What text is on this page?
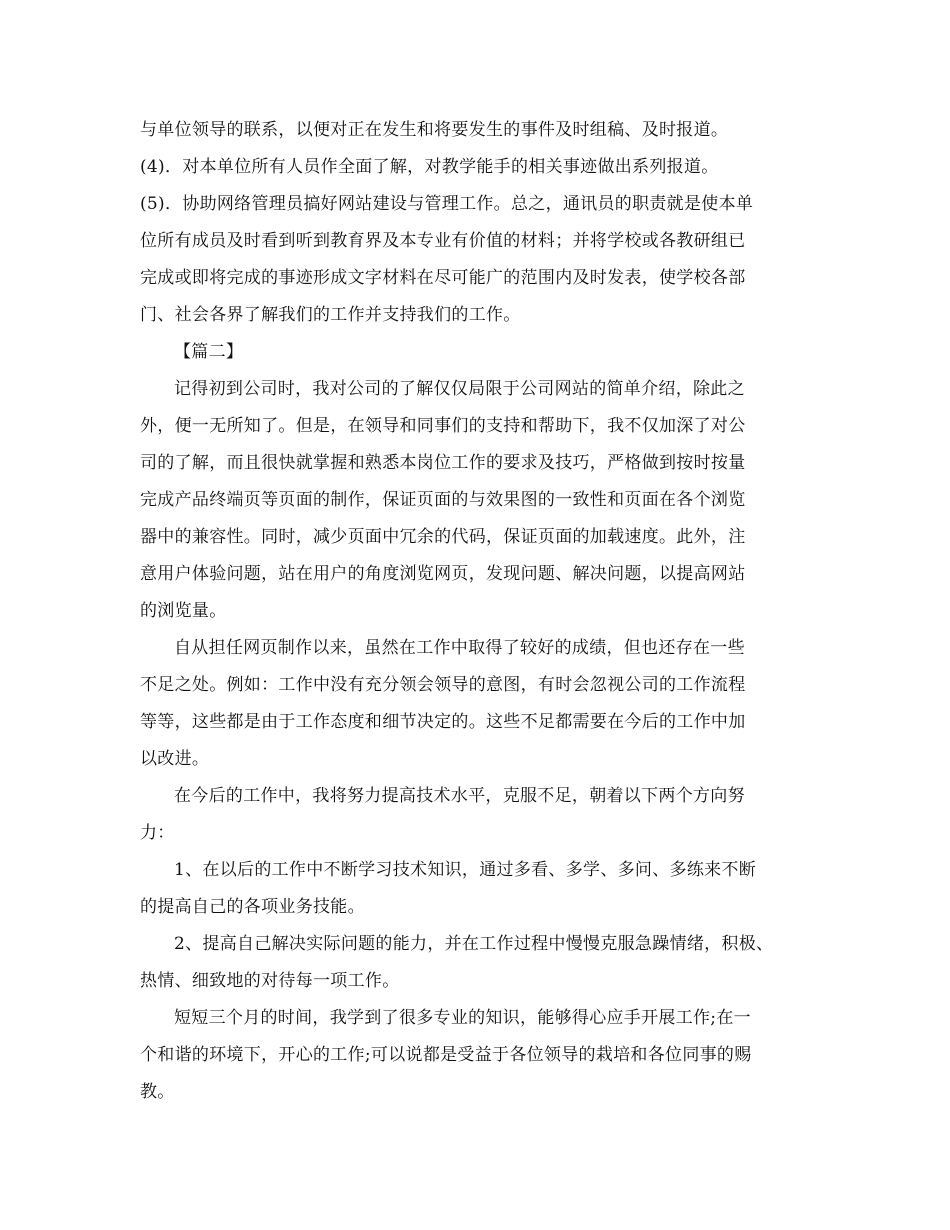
与单位领导的联系，以便对正在发生和将要发生的事件及时组稿、及时报道。

(4)．对本单位所有人员作全面了解，对教学能手的相关事迹做出系列报道。

(5)．协助网络管理员搞好网站建设与管理工作。总之，通讯员的职责就是使本单

位所有成员及时看到听到教育界及本专业有价值的材料；并将学校或各教研组已

完成或即将完成的事迹形成文字材料在尽可能广的范围内及时发表，使学校各部

门、社会各界了解我们的工作并支持我们的工作。

【篇二】

记得初到公司时，我对公司的了解仅仅局限于公司网站的简单介绍，除此之

外，便一无所知了。但是，在领导和同事们的支持和帮助下，我不仅加深了对公

司的了解，而且很快就掌握和熟悉本岗位工作的要求及技巧，严格做到按时按量

完成产品终端页等页面的制作，保证页面的与效果图的一致性和页面在各个浏览

器中的兼容性。同时，减少页面中冗余的代码，保证页面的加载速度。此外，注

意用户体验问题，站在用户的角度浏览网页，发现问题、解决问题，以提高网站

的浏览量。

自从担任网页制作以来，虽然在工作中取得了较好的成绩，但也还存在一些

不足之处。例如：工作中没有充分领会领导的意图，有时会忽视公司的工作流程

等等，这些都是由于工作态度和细节决定的。这些不足都需要在今后的工作中加

以改进。

在今后的工作中，我将努力提高技术水平，克服不足，朝着以下两个方向努

力：

1、在以后的工作中不断学习技术知识，通过多看、多学、多问、多练来不断

的提高自己的各项业务技能。

2、提高自己解决实际问题的能力，并在工作过程中慢慢克服急躁情绪，积极、

热情、细致地的对待每一项工作。

短短三个月的时间，我学到了很多专业的知识，能够得心应手开展工作;在一

个和谐的环境下，开心的工作;可以说都是受益于各位领导的栽培和各位同事的赐

教。
